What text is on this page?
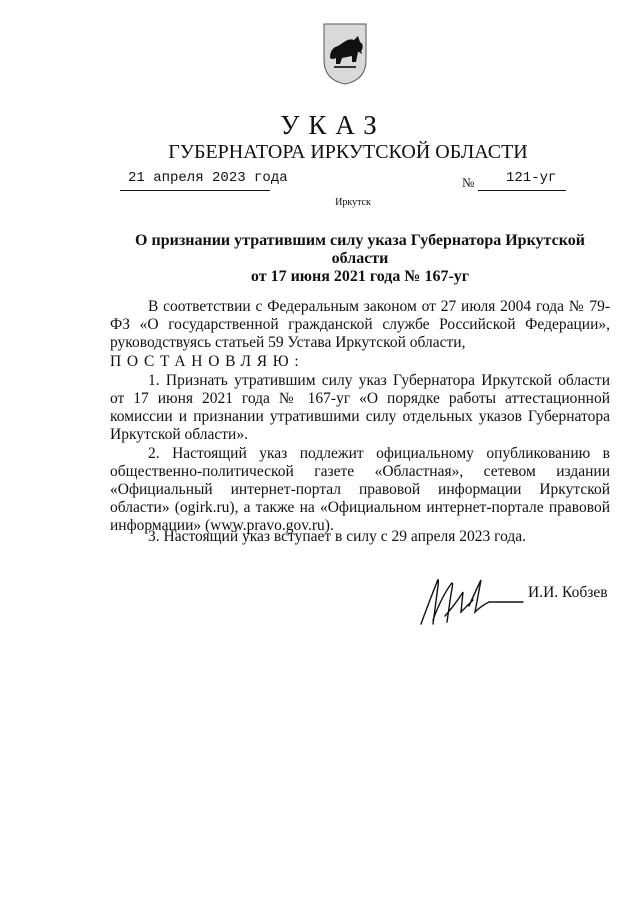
УКАЗ
ГУБЕРНАТОРА ИРКУТСКОЙ ОБЛАСТИ
21 апреля 2023 года	№ 121-уг
Иркутск
О признании утратившим силу указа Губернатора Иркутской области
от 17 июня 2021 года № 167-уг

В соответствии с Федеральным законом от 27 июля 2004 года № 79-ФЗ «О государственной гражданской службе Российской Федерации», руководствуясь статьей 59 Устава Иркутской области,

ПОСТАНОВЛЯЮ:

1. Признать утратившим силу указ Губернатора Иркутской области от 17 июня 2021 года № 167-уг «О порядке работы аттестационной комиссии и признании утратившими силу отдельных указов Губернатора Иркутской области».

2. Настоящий указ подлежит официальному опубликованию в общественно-политической газете «Областная», сетевом издании «Официальный интернет-портал правовой информации Иркутской области» (ogirk.ru), а также на «Официальном интернет-портале правовой информации» (www.pravo.gov.ru).

3. Настоящий указ вступает в силу с 29 апреля 2023 года.

И.И. Кобзев
